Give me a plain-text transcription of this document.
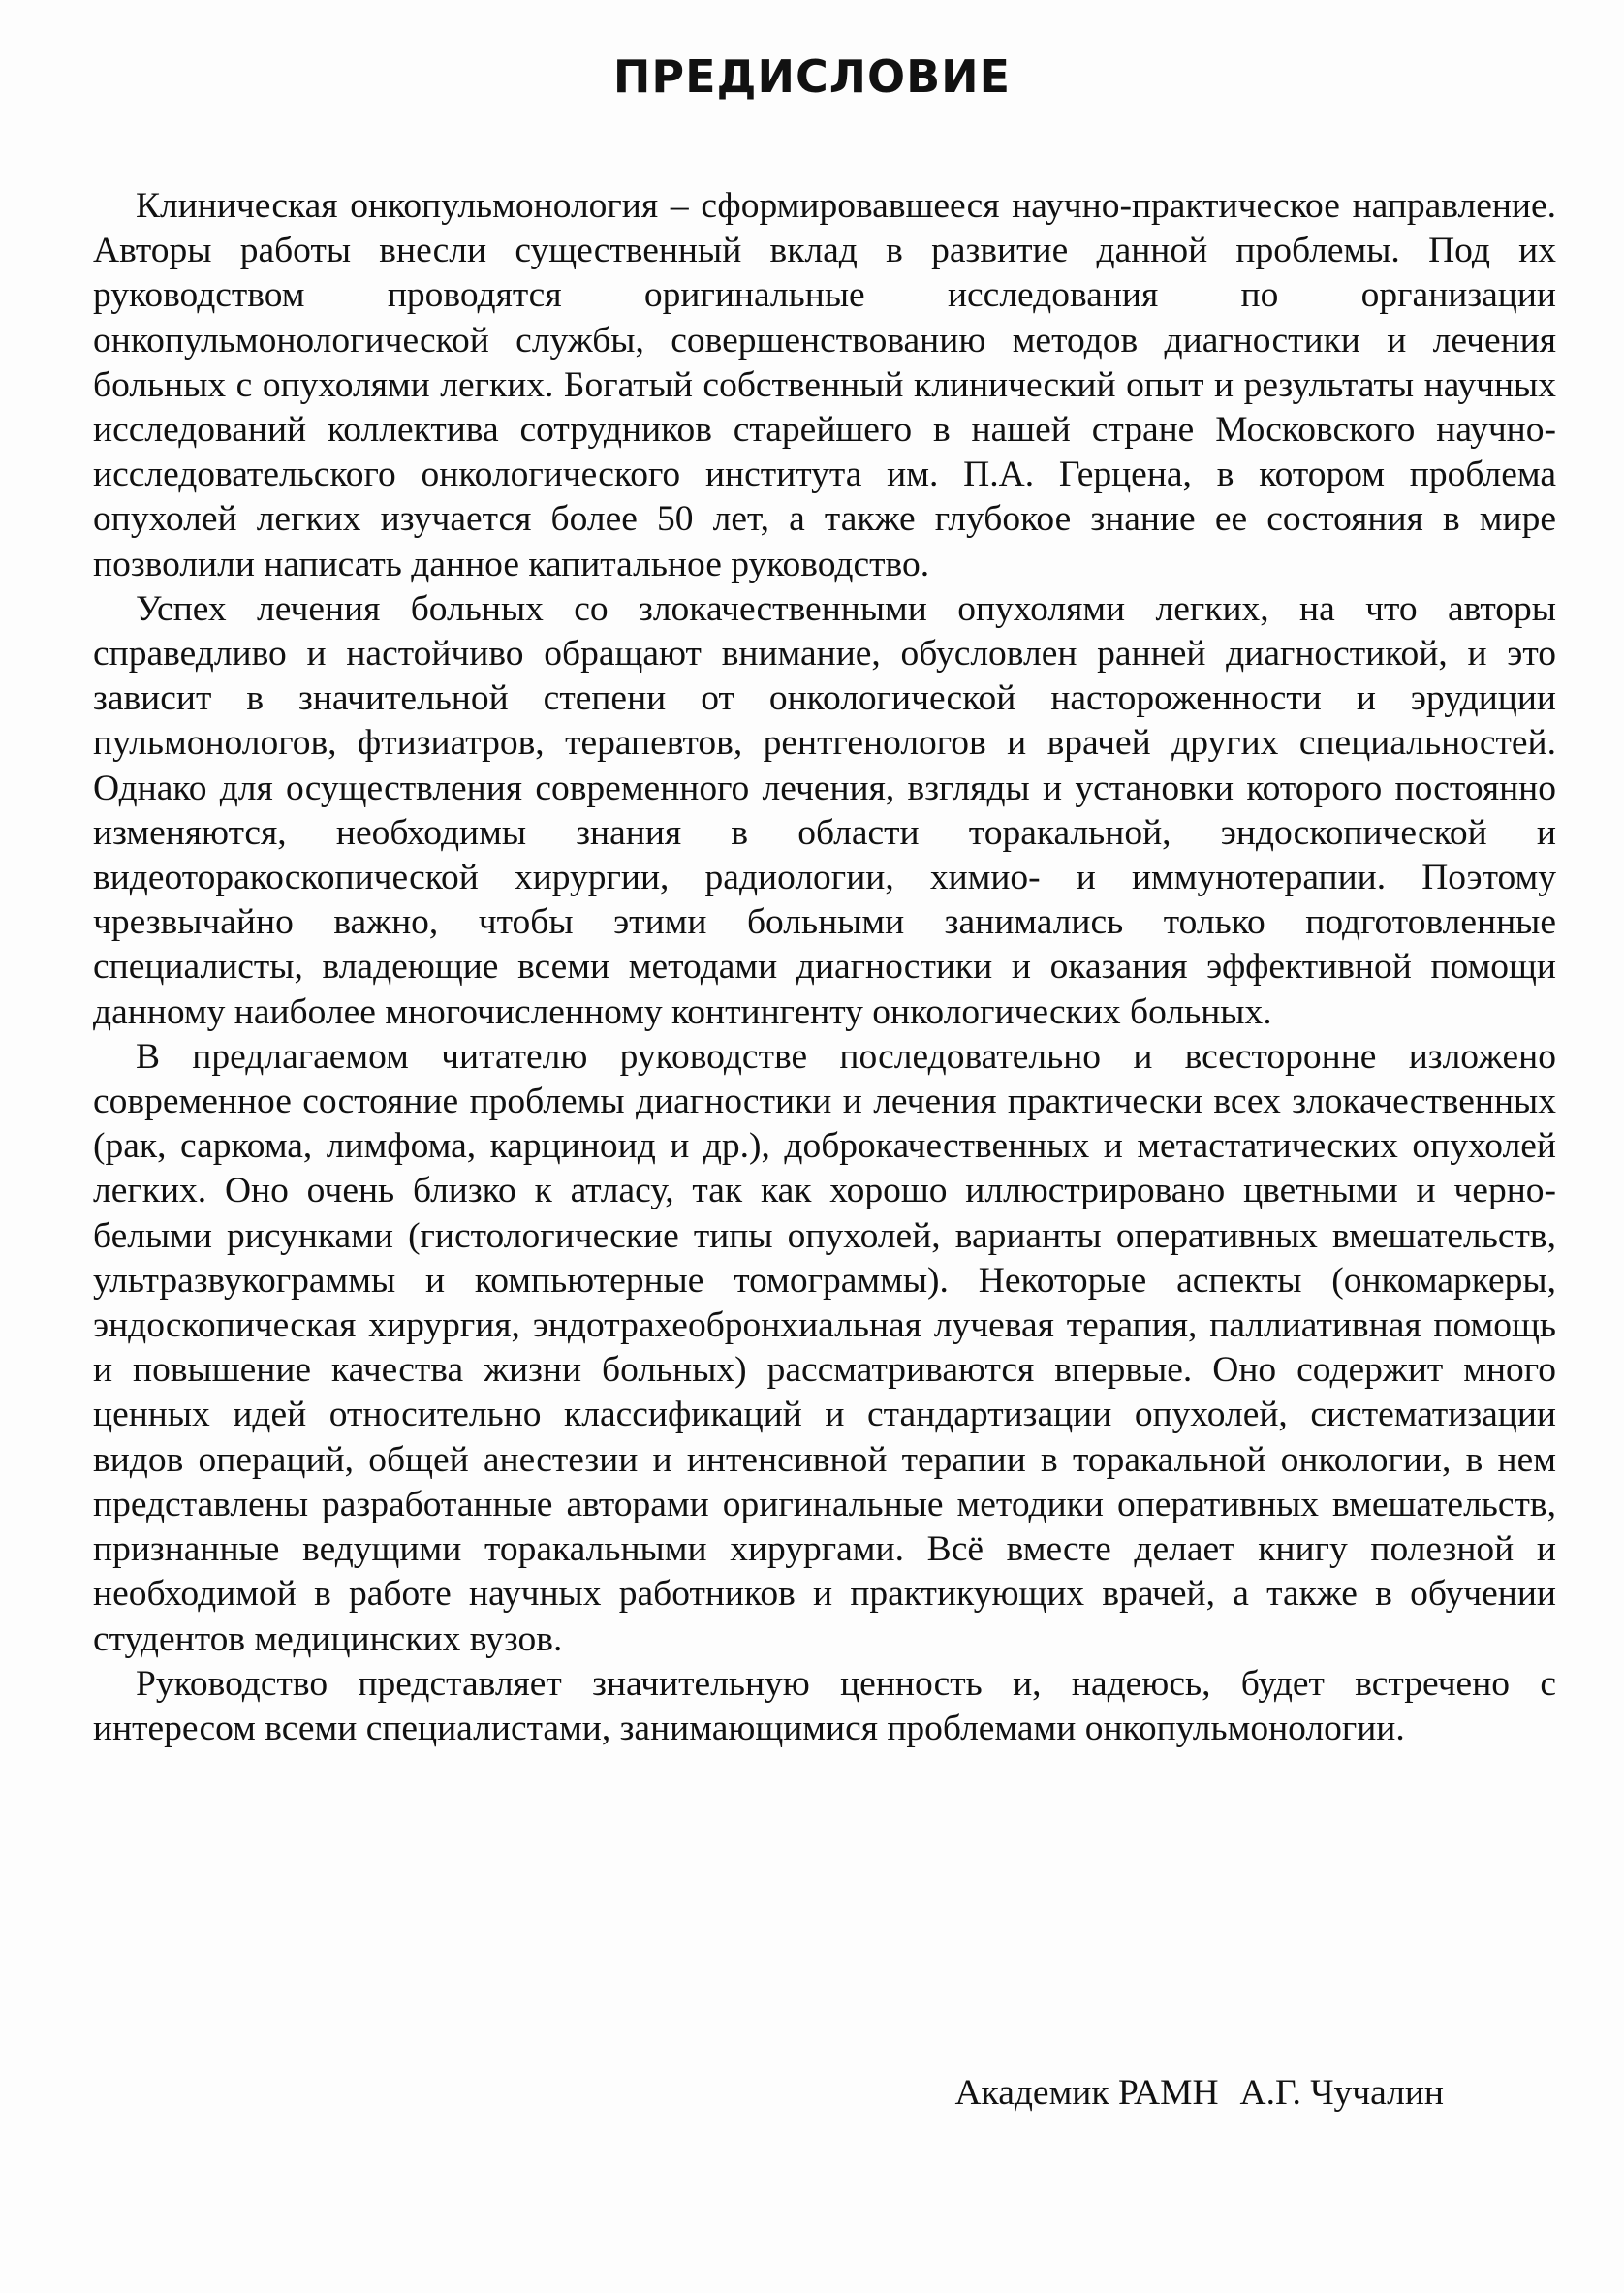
ПРЕДИСЛОВИЕ

Клиническая онкопульмонология – сформировавшееся научно-практическое направление. Авторы работы внесли существенный вклад в развитие данной проблемы. Под их руководством проводятся оригинальные исследования по организации онкопульмонологической службы, совершенствованию методов диагностики и лечения больных с опухолями легких. Богатый собственный клинический опыт и результаты научных исследований коллектива сотрудников старейшего в нашей стране Московского научно-исследовательского онкологического института им. П.А. Герцена, в котором проблема опухолей легких изучается более 50 лет, а также глубокое знание ее состояния в мире позволили написать данное капитальное руководство.

Успех лечения больных со злокачественными опухолями легких, на что авторы справедливо и настойчиво обращают внимание, обусловлен ранней диагностикой, и это зависит в значительной степени от онкологической настороженности и эрудиции пульмонологов, фтизиатров, терапевтов, рентгенологов и врачей других специальностей. Однако для осуществления современного лечения, взгляды и установки которого постоянно изменяются, необходимы знания в области торакальной, эндоскопической и видеоторакоскопической хирургии, радиологии, химио- и иммунотерапии. Поэтому чрезвычайно важно, чтобы этими больными занимались только подготовленные специалисты, владеющие всеми методами диагностики и оказания эффективной помощи данному наиболее многочисленному контингенту онкологических больных.

В предлагаемом читателю руководстве последовательно и всесторонне изложено современное состояние проблемы диагностики и лечения практически всех злокачественных (рак, саркома, лимфома, карциноид и др.), доброкачественных и метастатических опухолей легких. Оно очень близко к атласу, так как хорошо иллюстрировано цветными и черно-белыми рисунками (гистологические типы опухолей, варианты оперативных вмешательств, ультразвукограммы и компьютерные томограммы). Некоторые аспекты (онкомаркеры, эндоскопическая хирургия, эндотрахеобронхиальная лучевая терапия, паллиативная помощь и повышение качества жизни больных) рассматриваются впервые. Оно содержит много ценных идей относительно классификаций и стандартизации опухолей, систематизации видов операций, общей анестезии и интенсивной терапии в торакальной онкологии, в нем представлены разработанные авторами оригинальные методики оперативных вмешательств, признанные ведущими торакальными хирургами. Всё вместе делает книгу полезной и необходимой в работе научных работников и практикующих врачей, а также в обучении студентов медицинских вузов.

Руководство представляет значительную ценность и, надеюсь, будет встречено с интересом всеми специалистами, занимающимися проблемами онкопульмонологии.

Академик РАМН А.Г. Чучалин
